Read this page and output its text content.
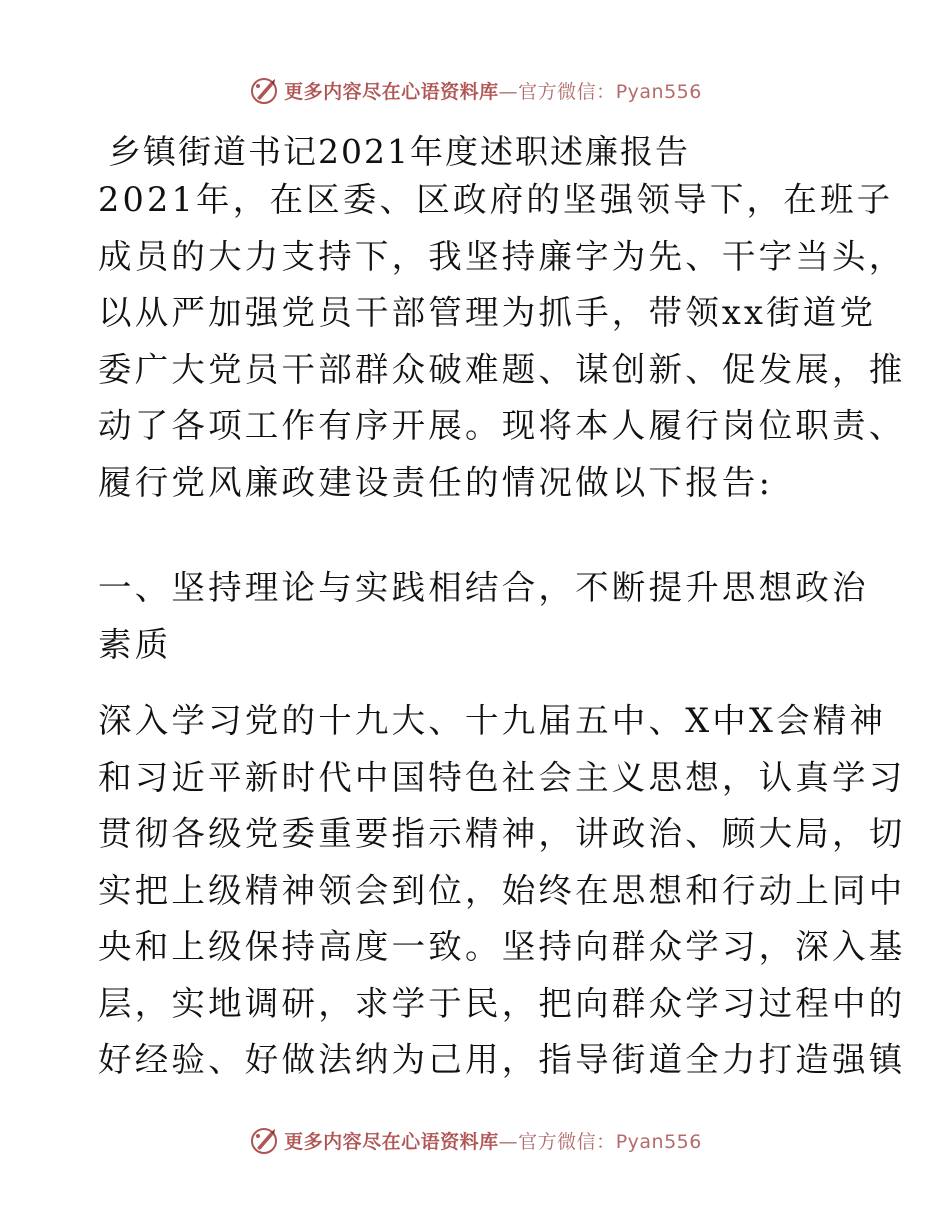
更多内容尽在心语资料库—官方微信：Pyan556
乡镇街道书记2021年度述职述廉报告
2021年，在区委、区政府的坚强领导下，在班子
成员的大力支持下，我坚持廉字为先、干字当头，
以从严加强党员干部管理为抓手，带领xx街道党
委广大党员干部群众破难题、谋创新、促发展，推
动了各项工作有序开展。现将本人履行岗位职责、
履行党风廉政建设责任的情况做以下报告:
一、坚持理论与实践相结合，不断提升思想政治
素质
深入学习党的十九大、十九届五中、X中X会精神
和习近平新时代中国特色社会主义思想，认真学习
贯彻各级党委重要指示精神，讲政治、顾大局，切
实把上级精神领会到位，始终在思想和行动上同中
央和上级保持高度一致。坚持向群众学习，深入基
层，实地调研，求学于民，把向群众学习过程中的
好经验、好做法纳为己用，指导街道全力打造强镇
更多内容尽在心语资料库—官方微信：Pyan556
